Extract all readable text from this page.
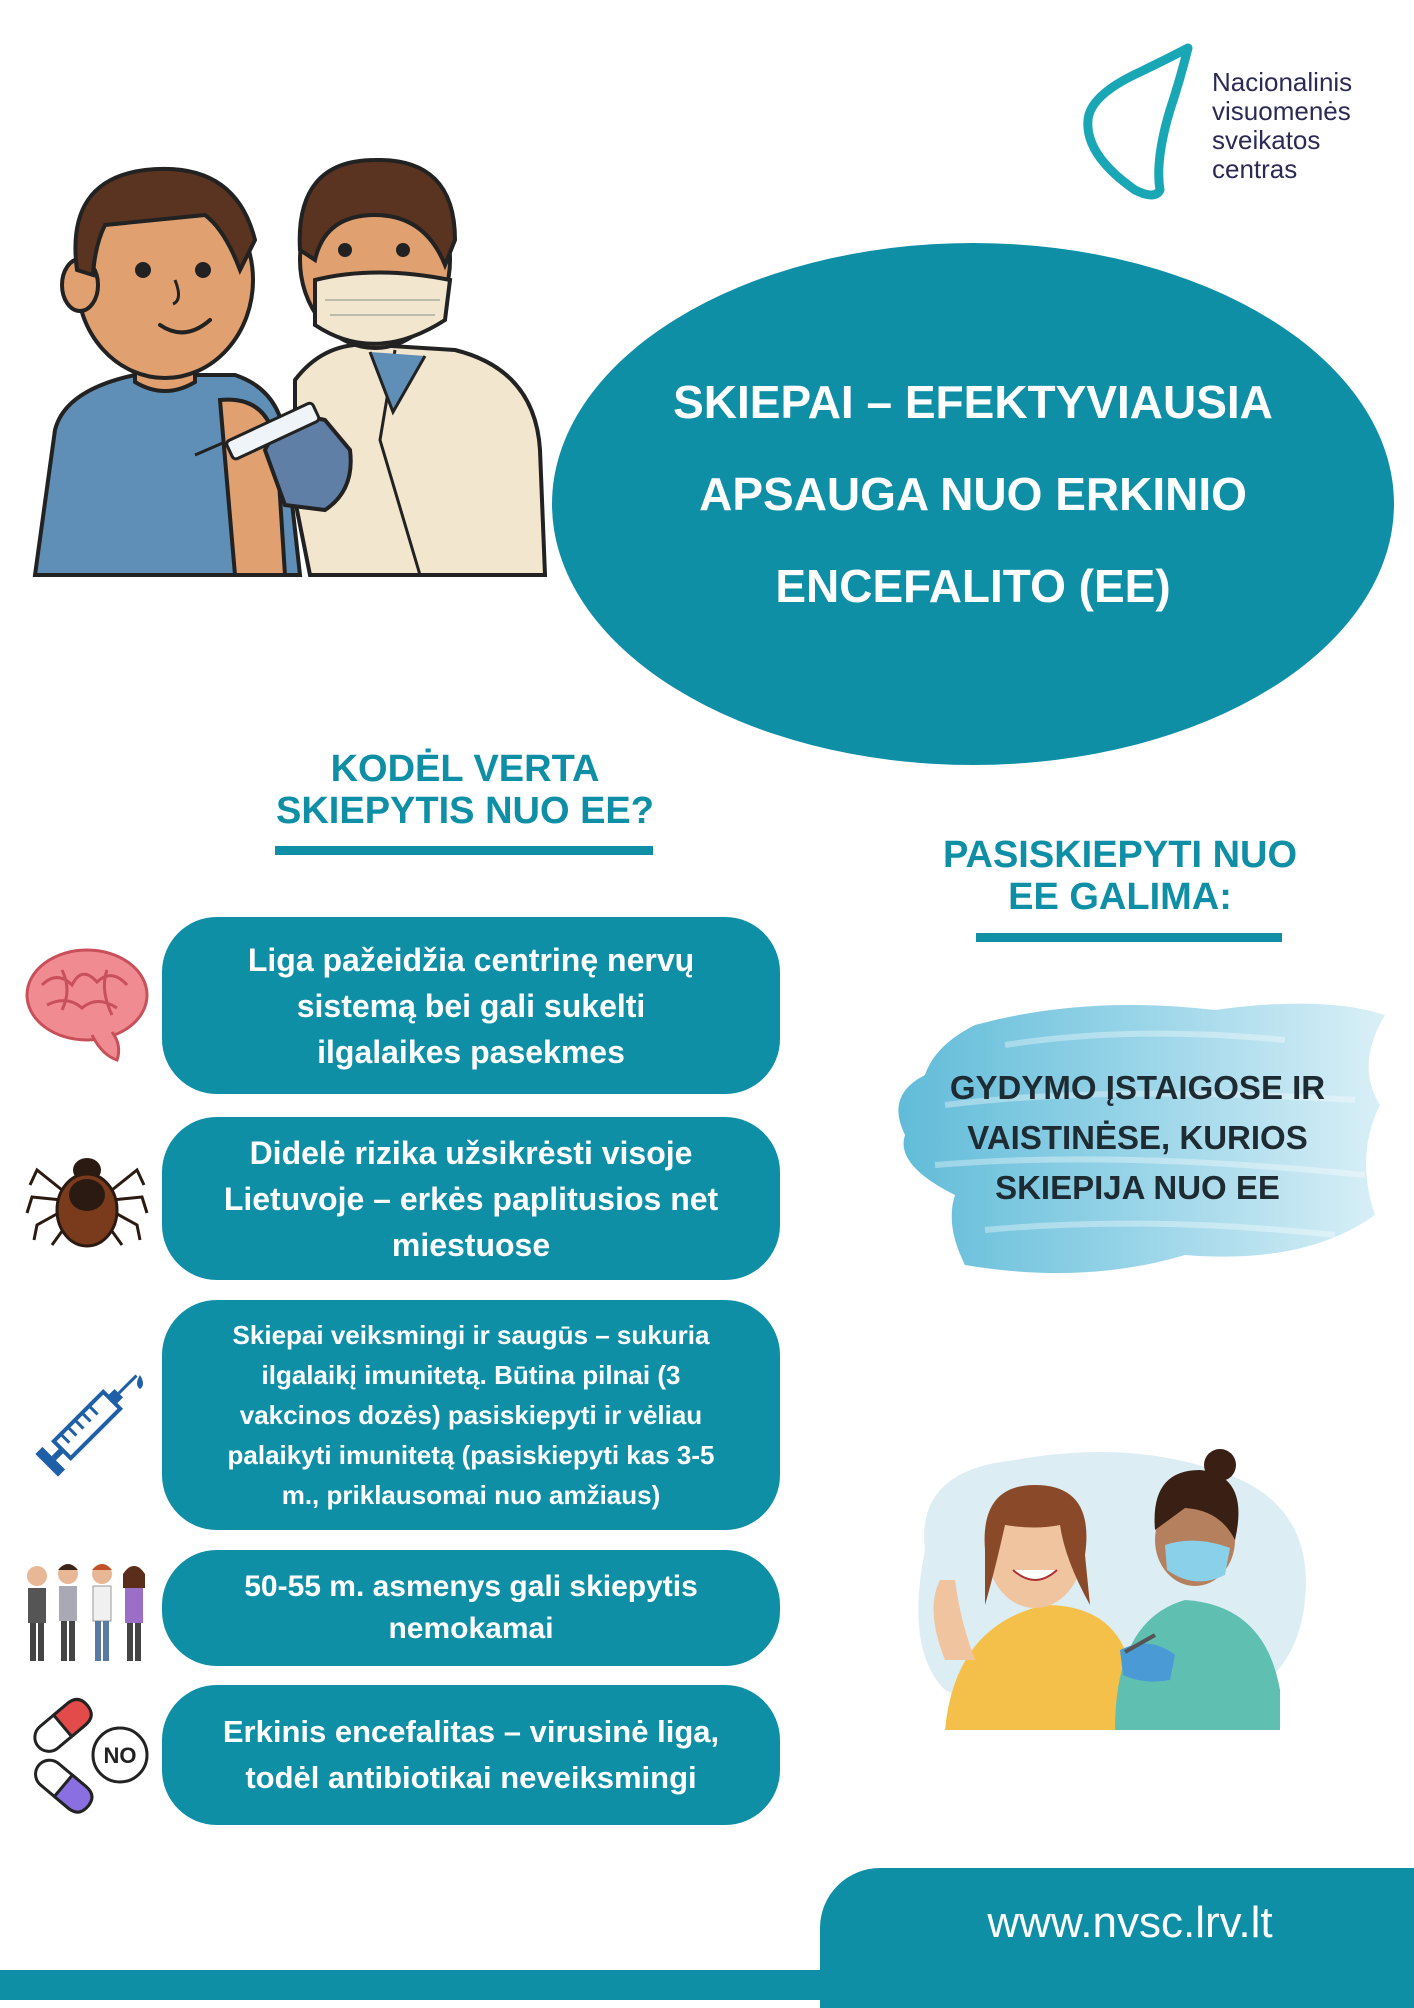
Nacionalinis
visuomenės
sveikatos
centras
SKIEPAI – EFEKTYVIAUSIA
APSAUGA NUO ERKINIO
ENCEFALITO (EE)
KODĖL VERTA
SKIEPYTIS NUO EE?
Liga pažeidžia centrinę nervų
sistemą bei gali sukelti
ilgalaikes pasekmes
Didelė rizika užsikrėsti visoje
Lietuvoje – erkės paplitusios net
miestuose
Skiepai veiksmingi ir saugūs – sukuria
ilgalaikį imunitetą. Būtina pilnai (3
vakcinos dozės) pasiskiepyti ir vėliau
palaikyti imunitetą (pasiskiepyti kas 3-5
m., priklausomai nuo amžiaus)
50-55 m. asmenys gali skiepytis
nemokamai
NO
Erkinis encefalitas – virusinė liga,
todėl antibiotikai neveiksmingi
PASISKIEPYTI NUO
EE GALIMA:
GYDYMO ĮSTAIGOSE IR
VAISTINĖSE, KURIOS
SKIEPIJA NUO EE
www.nvsc.lrv.lt
